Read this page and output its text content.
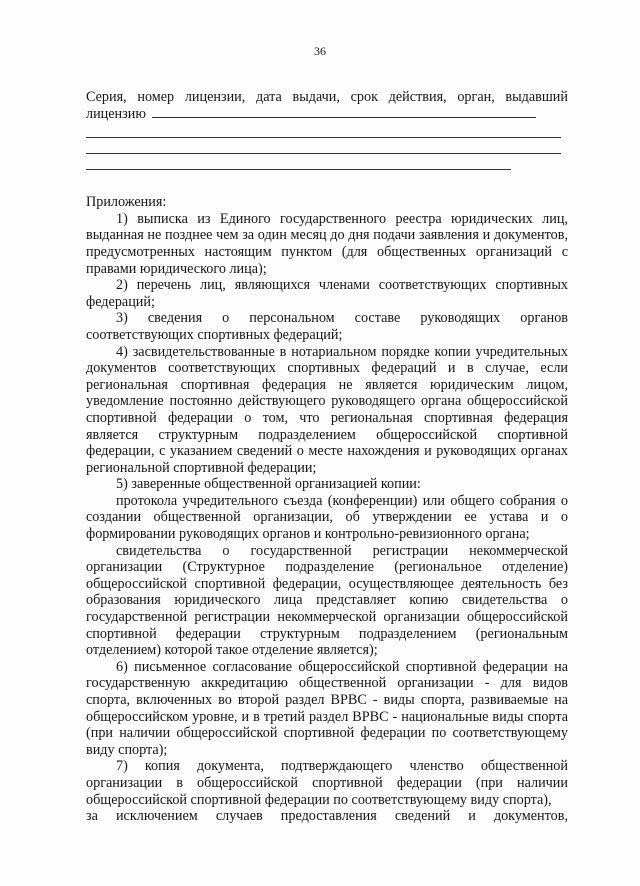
36

Серия, номер лицензии, дата выдачи, срок действия, орган, выдавший

лицензию

Приложения:

1) выписка из Единого государственного реестра юридических лиц, выданная не позднее чем за один месяц до дня подачи заявления и документов, предусмотренных настоящим пунктом (для общественных организаций с правами юридического лица);

2) перечень лиц, являющихся членами соответствующих спортивных федераций;

3) сведения о персональном составе руководящих органов соответствующих спортивных федераций;

4) засвидетельствованные в нотариальном порядке копии учредительных документов соответствующих спортивных федераций и в случае, если региональная спортивная федерация не является юридическим лицом, уведомление постоянно действующего руководящего органа общероссийской спортивной федерации о том, что региональная спортивная федерация является структурным подразделением общероссийской спортивной федерации, с указанием сведений о месте нахождения и руководящих органах региональной спортивной федерации;

5) заверенные общественной организацией копии:

протокола учредительного съезда (конференции) или общего собрания о создании общественной организации, об утверждении ее устава и о формировании руководящих органов и контрольно-ревизионного органа;

свидетельства о государственной регистрации некоммерческой организации (Структурное подразделение (региональное отделение) общероссийской спортивной федерации, осуществляющее деятельность без образования юридического лица представляет копию свидетельства о государственной регистрации некоммерческой организации общероссийской спортивной федерации структурным подразделением (региональным отделением) которой такое отделение является);

6) письменное согласование общероссийской спортивной федерации на государственную аккредитацию общественной организации - для видов спорта, включенных во второй раздел ВРВС - виды спорта, развиваемые на общероссийском уровне, и в третий раздел ВРВС - национальные виды спорта (при наличии общероссийской спортивной федерации по соответствующему виду спорта);

7) копия документа, подтверждающего членство общественной организации в общероссийской спортивной федерации (при наличии общероссийской спортивной федерации по соответствующему виду спорта),

за исключением случаев предоставления сведений и документов,
